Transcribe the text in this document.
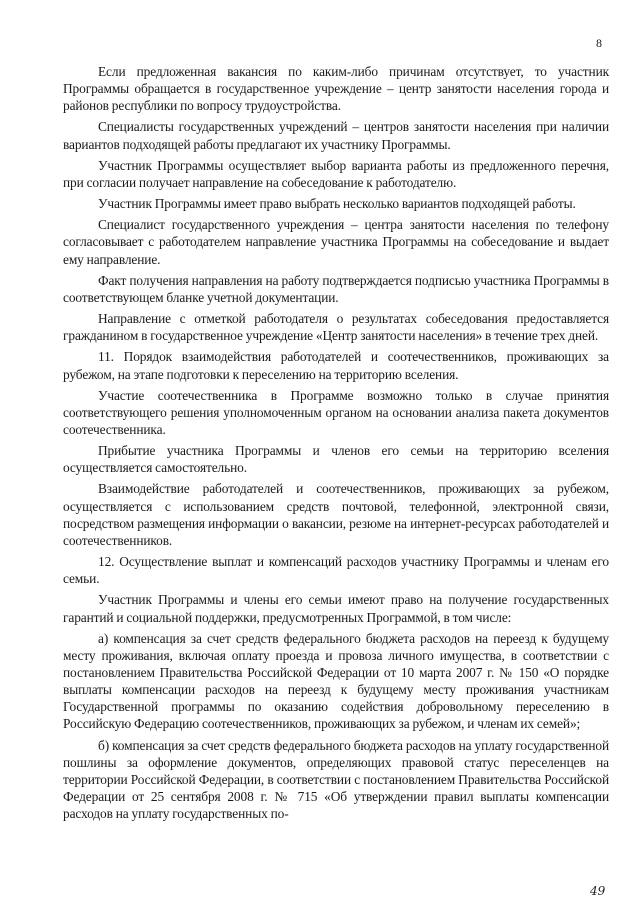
8

Если предложенная вакансия по каким-либо причинам отсутствует, то участник Программы обращается в государственное учреждение – центр занятости населения города и районов республики по вопросу трудоустройства.

Специалисты государственных учреждений – центров занятости населения при наличии вариантов подходящей работы предлагают их участнику Программы.

Участник Программы осуществляет выбор варианта работы из предложенного перечня, при согласии получает направление на собеседование к работодателю.

Участник Программы имеет право выбрать несколько вариантов подходящей работы.

Специалист государственного учреждения – центра занятости населения по телефону согласовывает с работодателем направление участника Программы на собеседование и выдает ему направление.

Факт получения направления на работу подтверждается подписью участника Программы в соответствующем бланке учетной документации.

Направление с отметкой работодателя о результатах собеседования предоставляется гражданином в государственное учреждение «Центр занятости населения» в течение трех дней.

11. Порядок взаимодействия работодателей и соотечественников, проживающих за рубежом, на этапе подготовки к переселению на территорию вселения.

Участие соотечественника в Программе возможно только в случае принятия соответствующего решения уполномоченным органом на основании анализа пакета документов соотечественника.

Прибытие участника Программы и членов его семьи на территорию вселения осуществляется самостоятельно.

Взаимодействие работодателей и соотечественников, проживающих за рубежом, осуществляется с использованием средств почтовой, телефонной, электронной связи, посредством размещения информации о вакансии, резюме на интернет-ресурсах работодателей и соотечественников.

12. Осуществление выплат и компенсаций расходов участнику Программы и членам его семьи.

Участник Программы и члены его семьи имеют право на получение государственных гарантий и социальной поддержки, предусмотренных Программой, в том числе:

а) компенсация за счет средств федерального бюджета расходов на переезд к будущему месту проживания, включая оплату проезда и провоза личного имущества, в соответствии с постановлением Правительства Российской Федерации от 10 марта 2007 г. № 150 «О порядке выплаты компенсации расходов на переезд к будущему месту проживания участникам Государственной программы по оказанию содействия добровольному переселению в Российскую Федерацию соотечественников, проживающих за рубежом, и членам их семей»;

б) компенсация за счет средств федерального бюджета расходов на уплату государственной пошлины за оформление документов, определяющих правовой статус переселенцев на территории Российской Федерации, в соответствии с постановлением Правительства Российской Федерации от 25 сентября 2008 г. № 715 «Об утверждении правил выплаты компенсации расходов на уплату государственных по-

49
